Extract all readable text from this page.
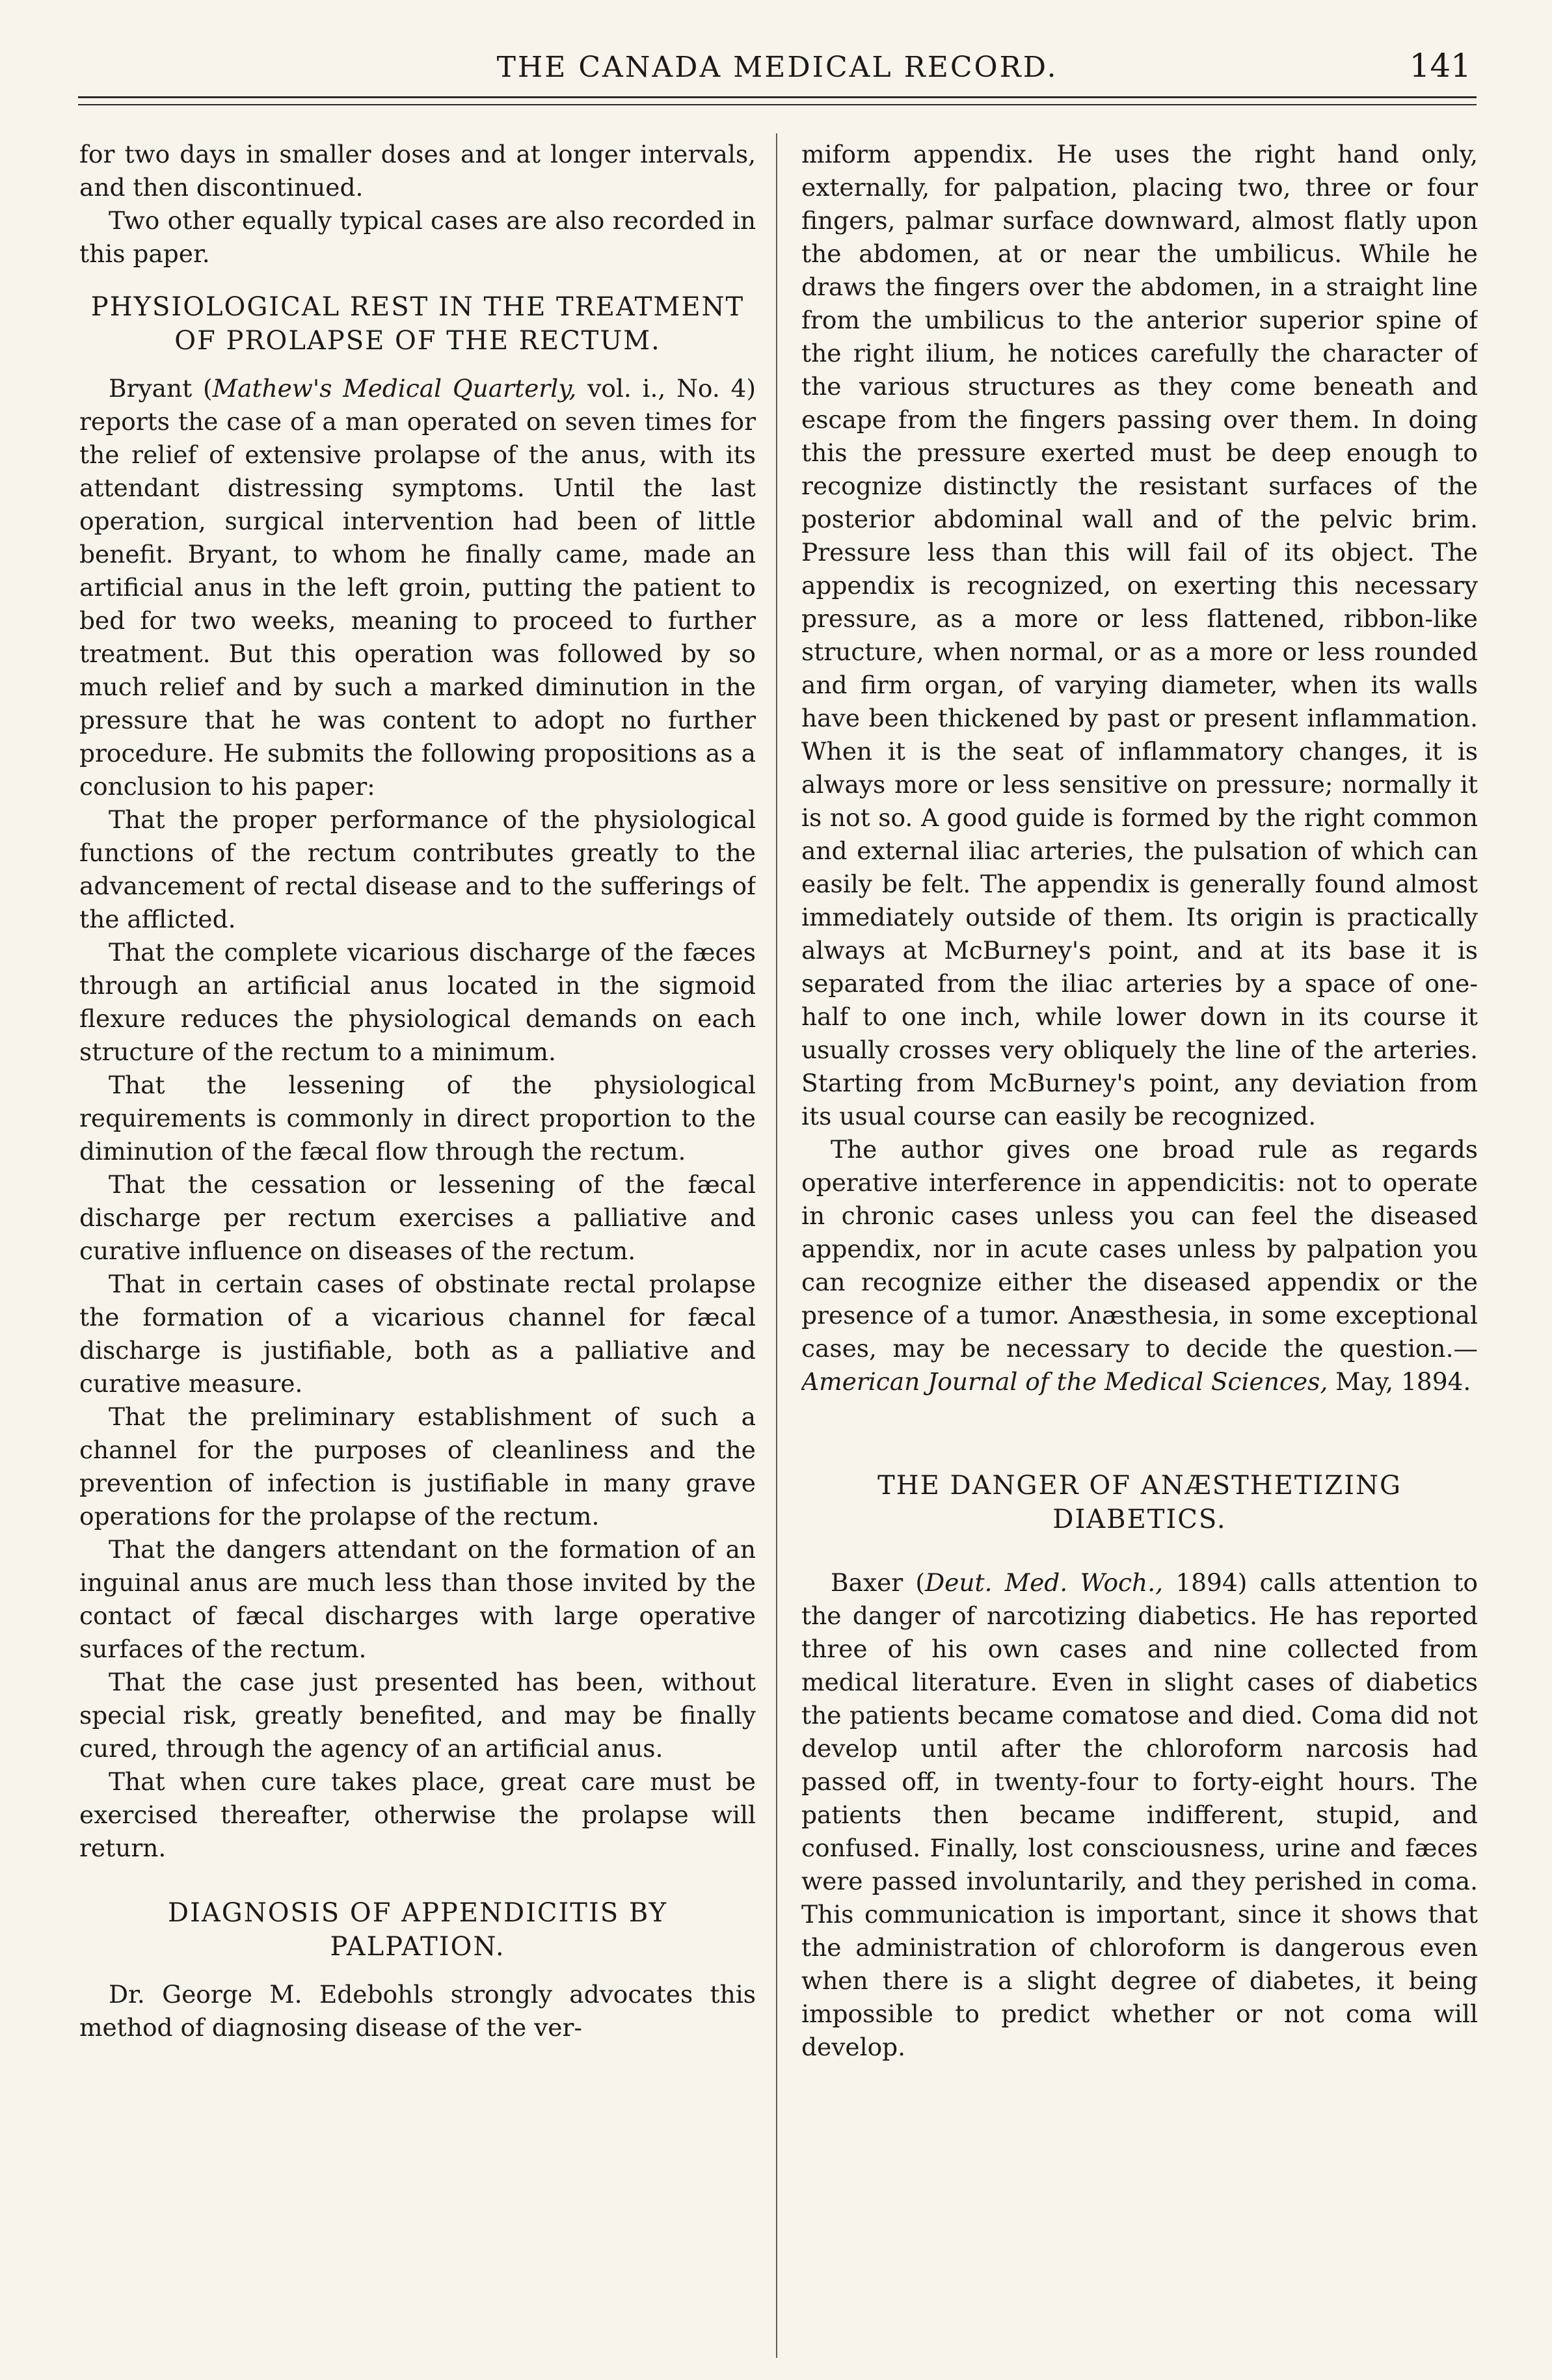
THE CANADA MEDICAL RECORD.	141

for two days in smaller doses and at longer intervals, and then discontinued.

Two other equally typical cases are also recorded in this paper.

PHYSIOLOGICAL REST IN THE TREATMENT OF PROLAPSE OF THE RECTUM.

Bryant (Mathew's Medical Quarterly, vol. i., No. 4) reports the case of a man operated on seven times for the relief of extensive prolapse of the anus, with its attendant distressing symptoms. Until the last operation, surgical intervention had been of little benefit. Bryant, to whom he finally came, made an artificial anus in the left groin, putting the patient to bed for two weeks, meaning to proceed to further treatment. But this operation was followed by so much relief and by such a marked diminution in the pressure that he was content to adopt no further procedure. He submits the following propositions as a conclusion to his paper:

That the proper performance of the physiological functions of the rectum contributes greatly to the advancement of rectal disease and to the sufferings of the afflicted.

That the complete vicarious discharge of the fæces through an artificial anus located in the sigmoid flexure reduces the physiological demands on each structure of the rectum to a minimum.

That the lessening of the physiological requirements is commonly in direct proportion to the diminution of the fæcal flow through the rectum.

That the cessation or lessening of the fæcal discharge per rectum exercises a palliative and curative influence on diseases of the rectum.

That in certain cases of obstinate rectal prolapse the formation of a vicarious channel for fæcal discharge is justifiable, both as a palliative and curative measure.

That the preliminary establishment of such a channel for the purposes of cleanliness and the prevention of infection is justifiable in many grave operations for the prolapse of the rectum.

That the dangers attendant on the formation of an inguinal anus are much less than those invited by the contact of fæcal discharges with large operative surfaces of the rectum.

That the case just presented has been, without special risk, greatly benefited, and may be finally cured, through the agency of an artificial anus.

That when cure takes place, great care must be exercised thereafter, otherwise the prolapse will return.

DIAGNOSIS OF APPENDICITIS BY PALPATION.

Dr. George M. Edebohls strongly advocates this method of diagnosing disease of the ver-

miform appendix. He uses the right hand only, externally, for palpation, placing two, three or four fingers, palmar surface downward, almost flatly upon the abdomen, at or near the umbilicus. While he draws the fingers over the abdomen, in a straight line from the umbilicus to the anterior superior spine of the right ilium, he notices carefully the character of the various structures as they come beneath and escape from the fingers passing over them. In doing this the pressure exerted must be deep enough to recognize distinctly the resistant surfaces of the posterior abdominal wall and of the pelvic brim. Pressure less than this will fail of its object. The appendix is recognized, on exerting this necessary pressure, as a more or less flattened, ribbon-like structure, when normal, or as a more or less rounded and firm organ, of varying diameter, when its walls have been thickened by past or present inflammation. When it is the seat of inflammatory changes, it is always more or less sensitive on pressure; normally it is not so. A good guide is formed by the right common and external iliac arteries, the pulsation of which can easily be felt. The appendix is generally found almost immediately outside of them. Its origin is practically always at McBurney's point, and at its base it is separated from the iliac arteries by a space of one-half to one inch, while lower down in its course it usually crosses very obliquely the line of the arteries. Starting from McBurney's point, any deviation from its usual course can easily be recognized.

The author gives one broad rule as regards operative interference in appendicitis: not to operate in chronic cases unless you can feel the diseased appendix, nor in acute cases unless by palpation you can recognize either the diseased appendix or the presence of a tumor. Anæsthesia, in some exceptional cases, may be necessary to decide the question.—American Journal of the Medical Sciences, May, 1894.

THE DANGER OF ANÆSTHETIZING DIABETICS.

Baxer (Deut. Med. Woch., 1894) calls attention to the danger of narcotizing diabetics. He has reported three of his own cases and nine collected from medical literature. Even in slight cases of diabetics the patients became comatose and died. Coma did not develop until after the chloroform narcosis had passed off, in twenty-four to forty-eight hours. The patients then became indifferent, stupid, and confused. Finally, lost consciousness, urine and fæces were passed involuntarily, and they perished in coma. This communication is important, since it shows that the administration of chloroform is dangerous even when there is a slight degree of diabetes, it being impossible to predict whether or not coma will develop.
